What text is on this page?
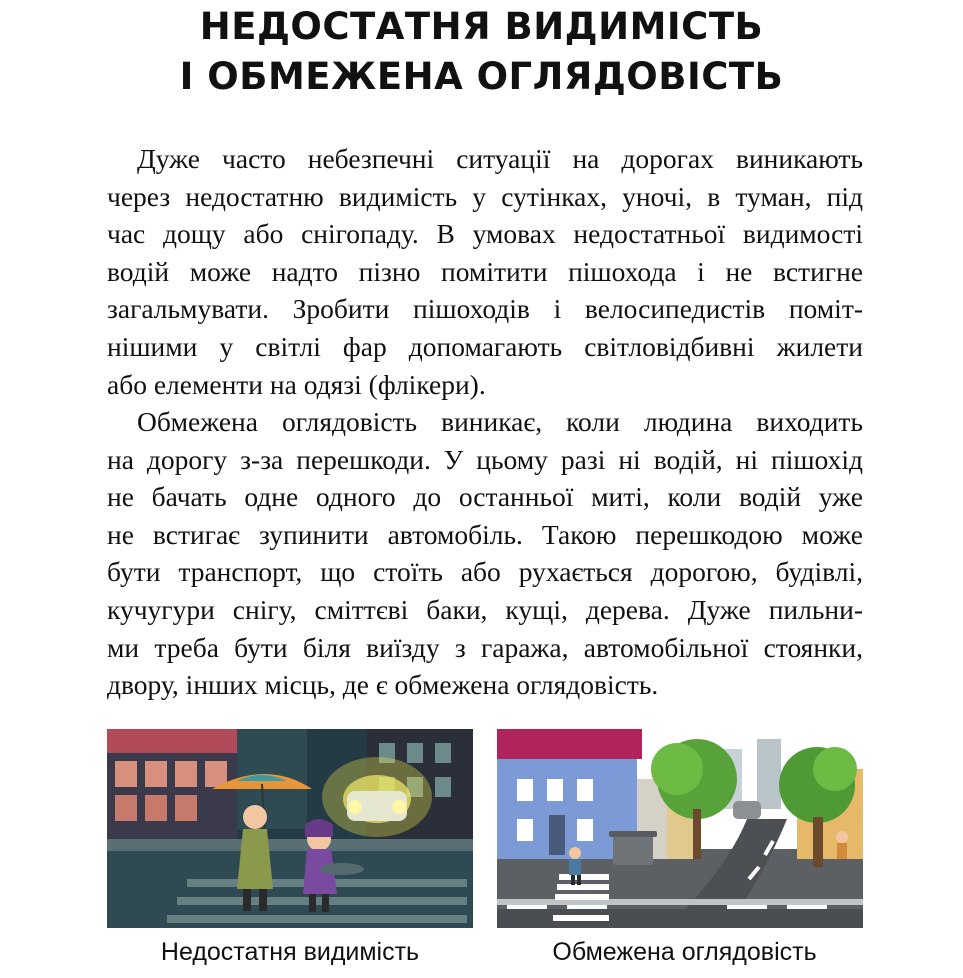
НЕДОСТАТНЯ ВИДИМІСТЬ
І ОБМЕЖЕНА ОГЛЯДОВІСТЬ
Дуже часто небезпечні ситуації на дорогах виникають
через недостатню видимість у сутінках, уночі, в туман, під
час дощу або снігопаду. В умовах недостатньої видимості
водій може надто пізно помітити пішохода і не встигне
загальмувати. Зробити пішоходів і велосипедистів поміт-
нішими у світлі фар допомагають світловідбивні жилети
або елементи на одязі (флікери).
Обмежена оглядовість виникає, коли людина виходить
на дорогу з-за перешкоди. У цьому разі ні водій, ні пішохід
не бачать одне одного до останньої миті, коли водій уже
не встигає зупинити автомобіль. Такою перешкодою може
бути транспорт, що стоїть або рухається дорогою, будівлі,
кучугури снігу, сміттєві баки, кущі, дерева. Дуже пильни-
ми треба бути біля виїзду з гаража, автомобільної стоянки,
двору, інших місць, де є обмежена оглядовість.
Недостатня видимість	Обмежена оглядовість
